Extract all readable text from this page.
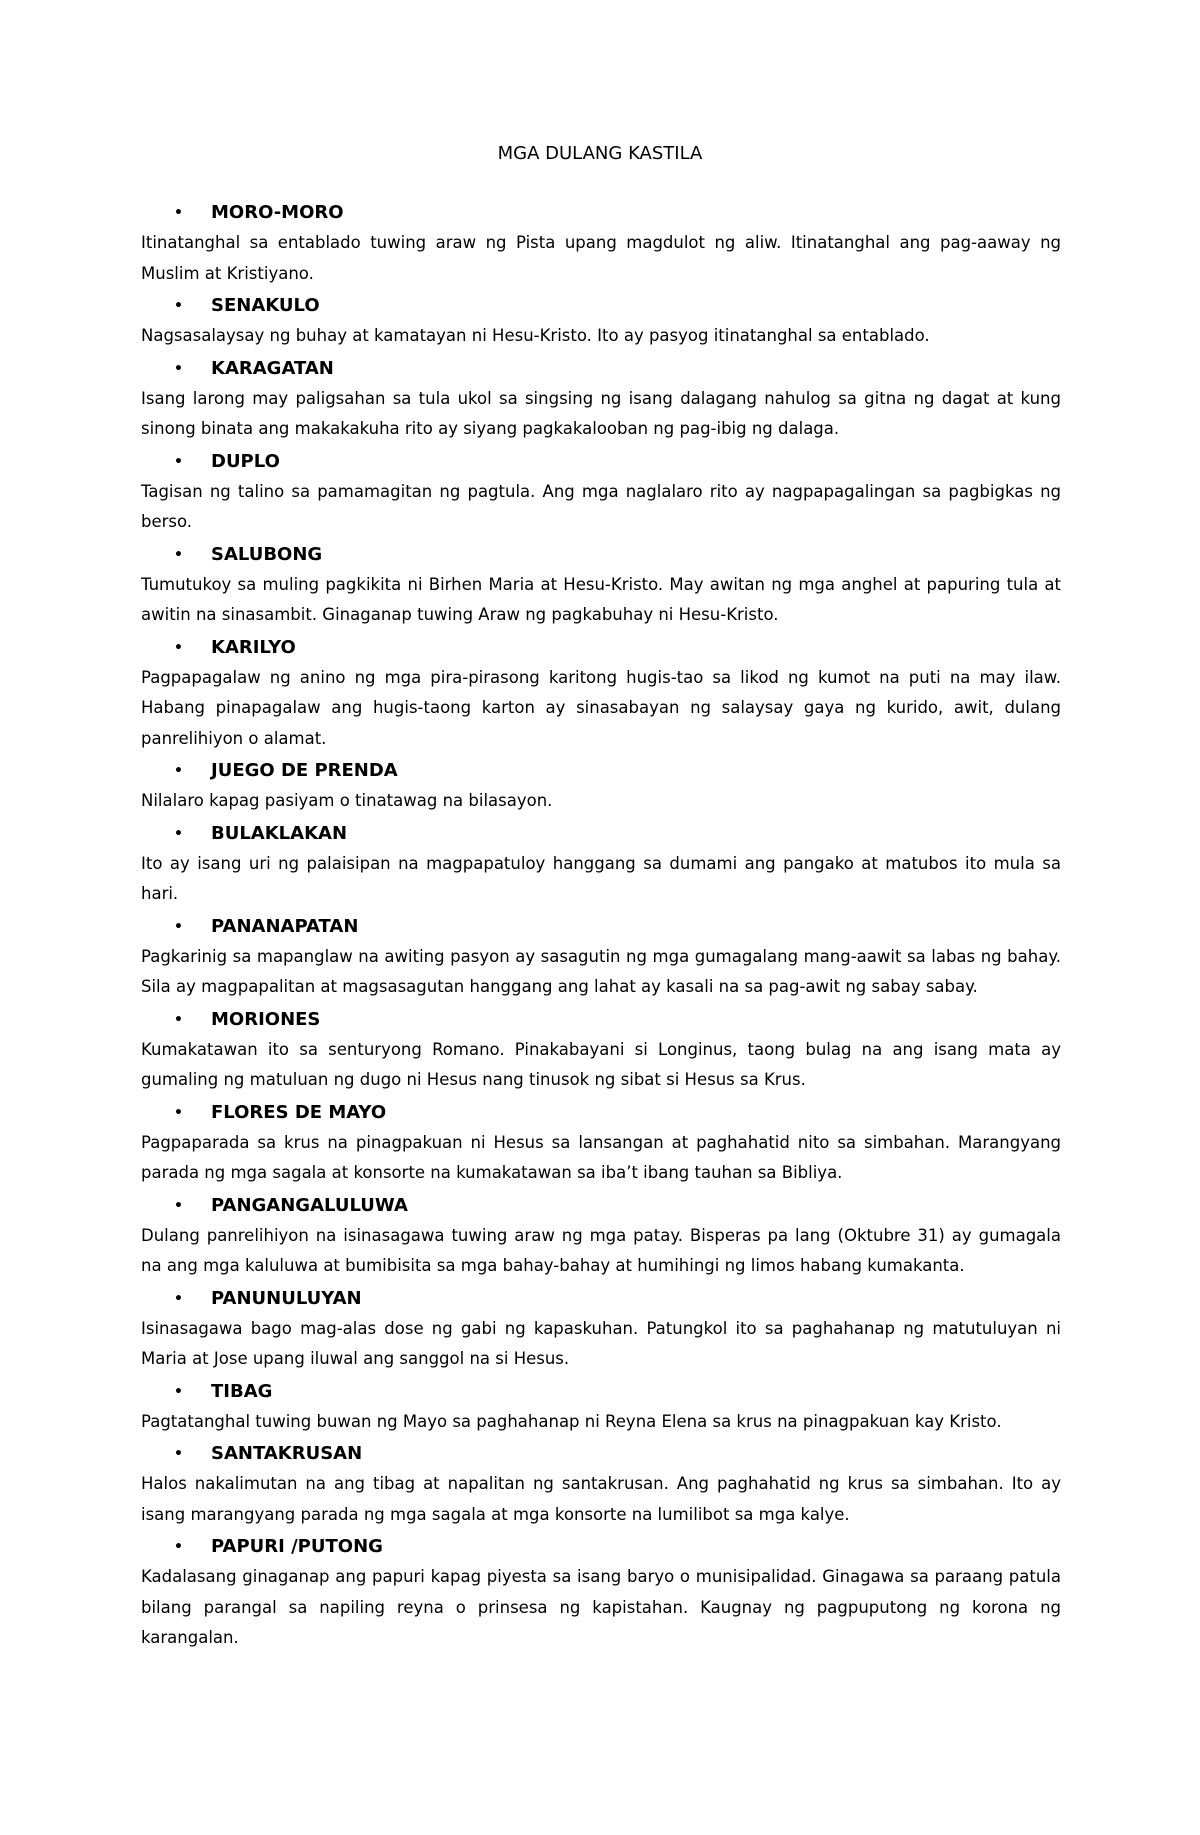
MGA DULANG KASTILA
• MORO-MORO

Itinatanghal sa entablado tuwing araw ng Pista upang magdulot ng aliw. Itinatanghal ang pag-aaway ng Muslim at Kristiyano.

• SENAKULO

Nagsasalaysay ng buhay at kamatayan ni Hesu-Kristo. Ito ay pasyog itinatanghal sa entablado.

• KARAGATAN

Isang larong may paligsahan sa tula ukol sa singsing ng isang dalagang nahulog sa gitna ng dagat at kung sinong binata ang makakakuha rito ay siyang pagkakalooban ng pag-ibig ng dalaga.

• DUPLO

Tagisan ng talino sa pamamagitan ng pagtula. Ang mga naglalaro rito ay nagpapagalingan sa pagbigkas ng berso.

• SALUBONG

Tumutukoy sa muling pagkikita ni Birhen Maria at Hesu-Kristo. May awitan ng mga anghel at papuring tula at awitin na sinasambit. Ginaganap tuwing Araw ng pagkabuhay ni Hesu-Kristo.

• KARILYO

Pagpapagalaw ng anino ng mga pira-pirasong karitong hugis-tao sa likod ng kumot na puti na may ilaw. Habang pinapagalaw ang hugis-taong karton ay sinasabayan ng salaysay gaya ng kurido, awit, dulang panrelihiyon o alamat.

• JUEGO DE PRENDA

Nilalaro kapag pasiyam o tinatawag na bilasayon.

• BULAKLAKAN

Ito ay isang uri ng palaisipan na magpapatuloy hanggang sa dumami ang pangako at matubos ito mula sa hari.

• PANANAPATAN

Pagkarinig sa mapanglaw na awiting pasyon ay sasagutin ng mga gumagalang mang-aawit sa labas ng bahay. Sila ay magpapalitan at magsasagutan hanggang ang lahat ay kasali na sa pag-awit ng sabay sabay.

• MORIONES

Kumakatawan ito sa senturyong Romano. Pinakabayani si Longinus, taong bulag na ang isang mata ay gumaling ng matuluan ng dugo ni Hesus nang tinusok ng sibat si Hesus sa Krus.

• FLORES DE MAYO

Pagpaparada sa krus na pinagpakuan ni Hesus sa lansangan at paghahatid nito sa simbahan. Marangyang parada ng mga sagala at konsorte na kumakatawan sa iba’t ibang tauhan sa Bibliya.

• PANGANGALULUWA

Dulang panrelihiyon na isinasagawa tuwing araw ng mga patay. Bisperas pa lang (Oktubre 31) ay gumagala na ang mga kaluluwa at bumibisita sa mga bahay-bahay at humihingi ng limos habang kumakanta.

• PANUNULUYAN

Isinasagawa bago mag-alas dose ng gabi ng kapaskuhan. Patungkol ito sa paghahanap ng matutuluyan ni Maria at Jose upang iluwal ang sanggol na si Hesus.

• TIBAG

Pagtatanghal tuwing buwan ng Mayo sa paghahanap ni Reyna Elena sa krus na pinagpakuan kay Kristo.

• SANTAKRUSAN

Halos nakalimutan na ang tibag at napalitan ng santakrusan. Ang paghahatid ng krus sa simbahan. Ito ay isang marangyang parada ng mga sagala at mga konsorte na lumilibot sa mga kalye.

• PAPURI /PUTONG

Kadalasang ginaganap ang papuri kapag piyesta sa isang baryo o munisipalidad. Ginagawa sa paraang patula bilang parangal sa napiling reyna o prinsesa ng kapistahan. Kaugnay ng pagpuputong ng korona ng karangalan.
